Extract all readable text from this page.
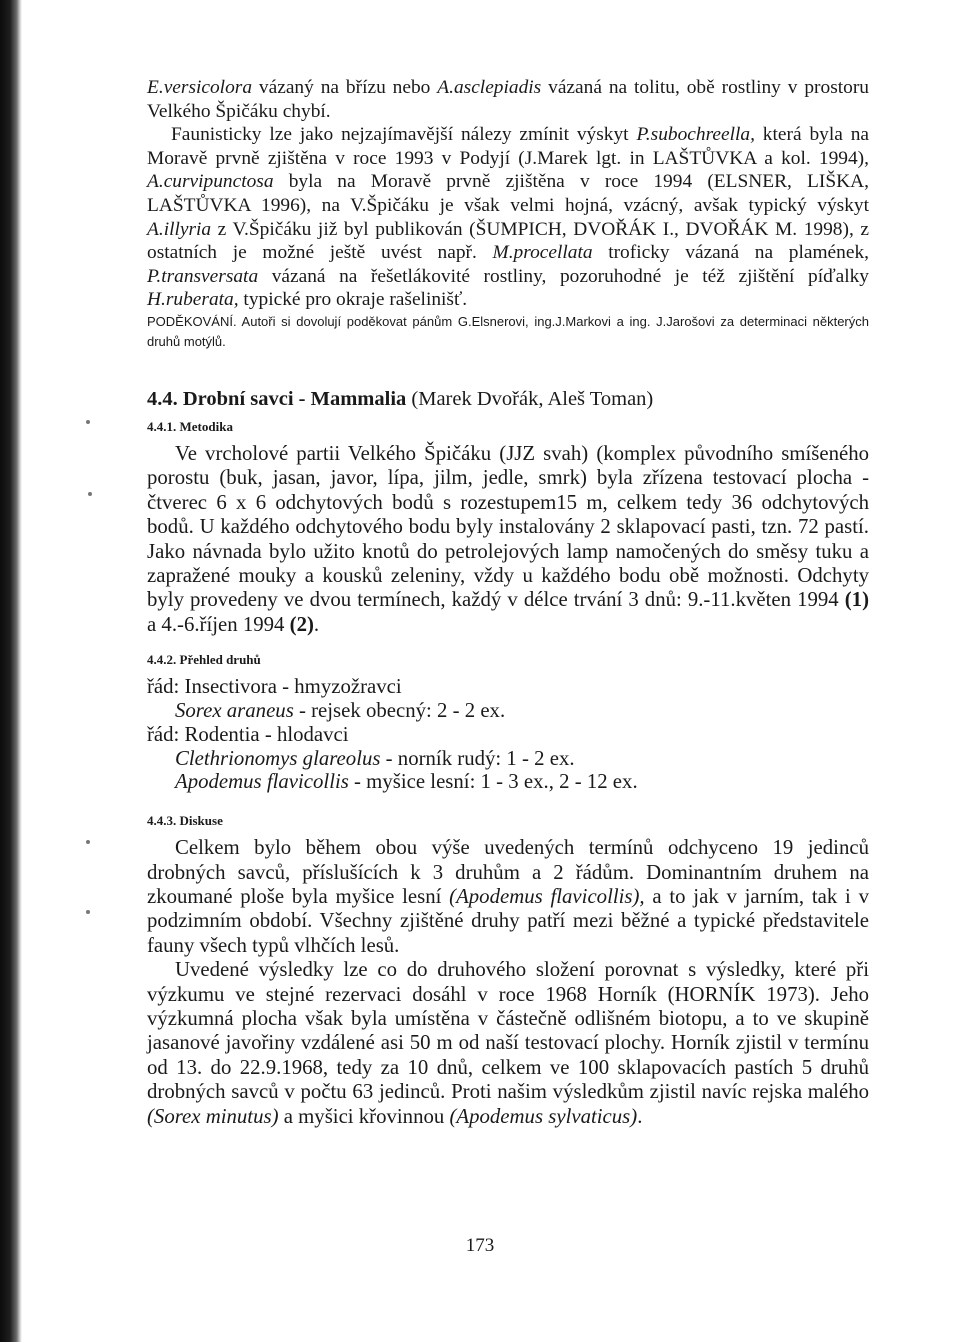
E.versicolora vázaný na břízu nebo A.asclepiadis vázaná na tolitu, obě rostliny v prostoru Velkého Špičáku chybí.

Faunisticky lze jako nejzajímavější nálezy zmínit výskyt P.subochreella, která byla na Moravě prvně zjištěna v roce 1993 v Podyjí (J.Marek lgt. in LAŠTŮVKA a kol. 1994), A.curvipunctosa byla na Moravě prvně zjištěna v roce 1994 (ELSNER, LIŠKA, LAŠTŮVKA 1996), na V.Špičáku je však velmi hojná, vzácný, avšak typický výskyt A.illyria z V.Špičáku již byl publikován (ŠUMPICH, DVOŘÁK I., DVOŘÁK M. 1998), z ostatních je možné ještě uvést např. M.procellata troficky vázaná na plamének, P.transversata vázaná na řešetlákovité rostliny, pozoruhodné je též zjištění píďalky H.ruberata, typické pro okraje rašelinišť.

PODĚKOVÁNÍ. Autoři si dovolují poděkovat pánům G.Elsnerovi, ing.J.Markovi a ing. J.Jarošovi za determinaci některých druhů motýlů.

4.4. Drobní savci - Mammalia (Marek Dvořák, Aleš Toman)
4.4.1. Metodika

Ve vrcholové partii Velkého Špičáku (JJZ svah) (komplex původního smíšeného porostu (buk, jasan, javor, lípa, jilm, jedle, smrk) byla zřízena testovací plocha - čtverec 6 x 6 odchytových bodů s rozestupem15 m, celkem tedy 36 odchytových bodů. U každého odchytového bodu byly instalovány 2 sklapovací pasti, tzn. 72 pastí. Jako návnada bylo užito knotů do petrolejových lamp namočených do směsy tuku a zapražené mouky a kousků zeleniny, vždy u každého bodu obě možnosti. Odchyty byly provedeny ve dvou termínech, každý v délce trvání 3 dnů: 9.-11.květen 1994 (1) a 4.-6.říjen 1994 (2).

4.4.2. Přehled druhů
řád: Insectivora - hmyzožravci
Sorex araneus - rejsek obecný: 2 - 2 ex.
řád: Rodentia - hlodavci
Clethrionomys glareolus - norník rudý: 1 - 2 ex.
Apodemus flavicollis - myšice lesní: 1 - 3 ex., 2 - 12 ex.
4.4.3. Diskuse

Celkem bylo během obou výše uvedených termínů odchyceno 19 jedinců drobných savců, příslušících k 3 druhům a 2 řádům. Dominantním druhem na zkoumané ploše byla myšice lesní (Apodemus flavicollis), a to jak v jarním, tak i v podzimním období. Všechny zjištěné druhy patří mezi běžné a typické představitele fauny všech typů vlhčích lesů.

Uvedené výsledky lze co do druhového složení porovnat s výsledky, které při výzkumu ve stejné rezervaci dosáhl v roce 1968 Horník (HORNÍK 1973). Jeho výzkumná plocha však byla umístěna v částečně odlišném biotopu, a to ve skupině jasanové javořiny vzdálené asi 50 m od naší testovací plochy. Horník zjistil v termínu od 13. do 22.9.1968, tedy za 10 dnů, celkem ve 100 sklapovacích pastích 5 druhů drobných savců v počtu 63 jedinců. Proti našim výsledkům zjistil navíc rejska malého (Sorex minutus) a myšici křovinnou (Apodemus sylvaticus).

173
